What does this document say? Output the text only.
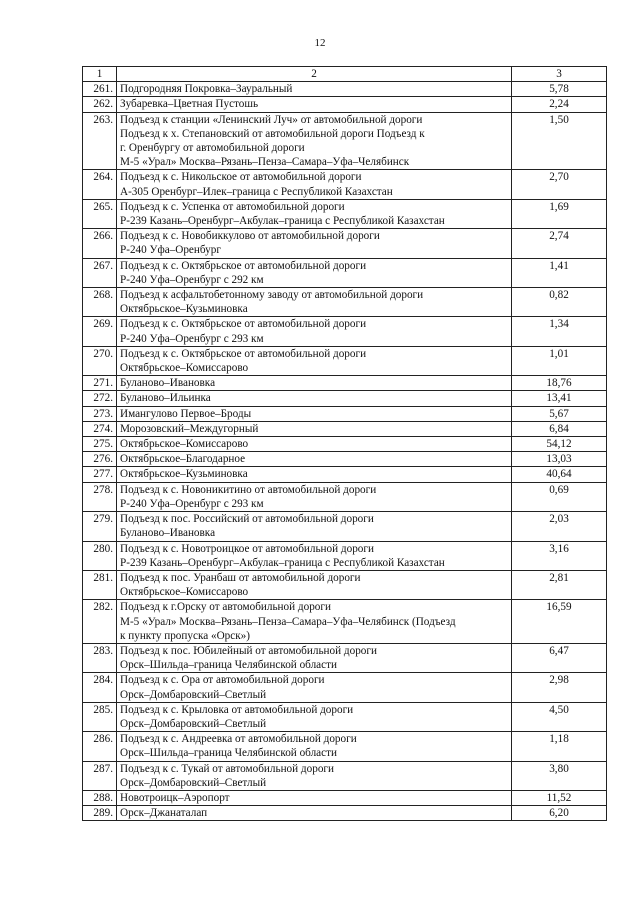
12
1	2	3
261.	Подгородняя Покровка–Зауральный	5,78
262.	Зубаревка–Цветная Пустошь	2,24
263.	Подъезд к станции «Ленинский Луч» от автомобильной дороги
Подъезд к х. Степановский от автомобильной дороги Подъезд к
г. Оренбургу от автомобильной дороги
М-5 «Урал» Москва–Рязань–Пенза–Самара–Уфа–Челябинск	1,50
264.	Подъезд к с. Никольское от автомобильной дороги
А-305 Оренбург–Илек–граница с Республикой Казахстан	2,70
265.	Подъезд к с. Успенка от автомобильной дороги
Р-239 Казань–Оренбург–Акбулак–граница с Республикой Казахстан	1,69
266.	Подъезд к с. Новобиккулово от автомобильной дороги
Р-240 Уфа–Оренбург	2,74
267.	Подъезд к с. Октябрьское от автомобильной дороги
Р-240 Уфа–Оренбург с 292 км	1,41
268.	Подъезд к асфальтобетонному заводу от автомобильной дороги
Октябрьское–Кузьминовка	0,82
269.	Подъезд к с. Октябрьское от автомобильной дороги
Р-240 Уфа–Оренбург с 293 км	1,34
270.	Подъезд к с. Октябрьское от автомобильной дороги
Октябрьское–Комиссарово	1,01
271.	Буланово–Ивановка	18,76
272.	Буланово–Ильинка	13,41
273.	Имангулово Первое–Броды	5,67
274.	Морозовский–Междугорный	6,84
275.	Октябрьское–Комиссарово	54,12
276.	Октябрьское–Благодарное	13,03
277.	Октябрьское–Кузьминовка	40,64
278.	Подъезд к с. Новоникитино от автомобильной дороги
Р-240 Уфа–Оренбург с 293 км	0,69
279.	Подъезд к пос. Российский от автомобильной дороги
Буланово–Ивановка	2,03
280.	Подъезд к с. Новотроицкое от автомобильной дороги
Р-239 Казань–Оренбург–Акбулак–граница с Республикой Казахстан	3,16
281.	Подъезд к пос. Уранбаш от автомобильной дороги
Октябрьское–Комиссарово	2,81
282.	Подъезд к г.Орску от автомобильной дороги
М-5 «Урал» Москва–Рязань–Пенза–Самара–Уфа–Челябинск (Подъезд
к пункту пропуска «Орск»)	16,59
283.	Подъезд к пос. Юбилейный от автомобильной дороги
Орск–Шильда–граница Челябинской области	6,47
284.	Подъезд к с. Ора от автомобильной дороги
Орск–Домбаровский–Светлый	2,98
285.	Подъезд к с. Крыловка от автомобильной дороги
Орск–Домбаровский–Светлый	4,50
286.	Подъезд к с. Андреевка от автомобильной дороги
Орск–Шильда–граница Челябинской области	1,18
287.	Подъезд к с. Тукай от автомобильной дороги
Орск–Домбаровский–Светлый	3,80
288.	Новотроицк–Аэропорт	11,52
289.	Орск–Джанаталап	6,20
